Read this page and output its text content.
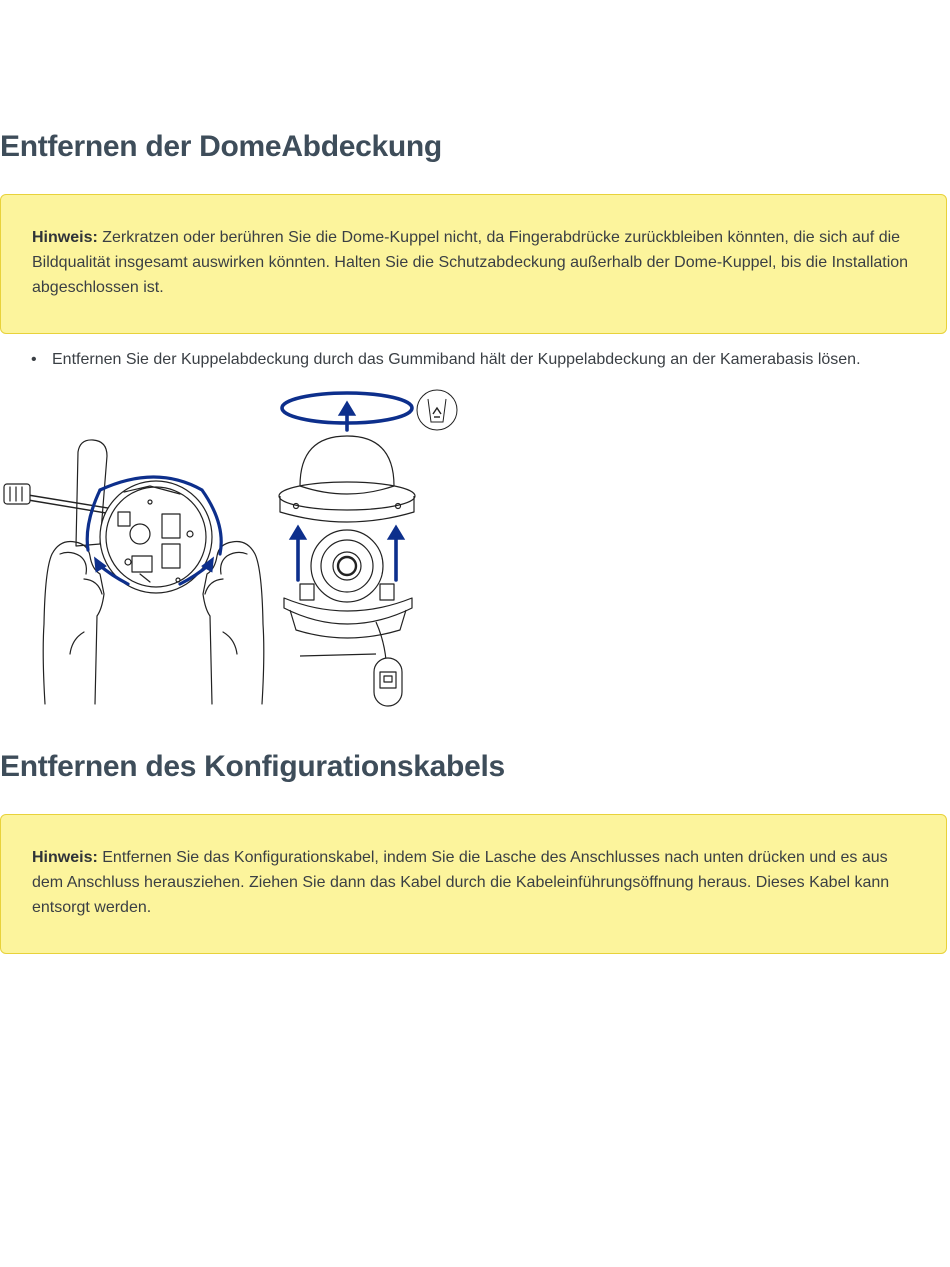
Entfernen der DomeAbdeckung
Hinweis: Zerkratzen oder berühren Sie die Dome-Kuppel nicht, da Fingerabdrücke zurückbleiben könnten, die sich auf die Bildqualität insgesamt auswirken könnten. Halten Sie die Schutzabdeckung außerhalb der Dome-Kuppel, bis die Installation abgeschlossen ist.
• Entfernen Sie der Kuppelabdeckung durch das Gummiband hält der Kuppelabdeckung an der Kamerabasis lösen.
Entfernen des Konfigurationskabels
Hinweis: Entfernen Sie das Konfigurationskabel, indem Sie die Lasche des Anschlusses nach unten drücken und es aus dem Anschluss herausziehen. Ziehen Sie dann das Kabel durch die Kabeleinführungsöffnung heraus. Dieses Kabel kann entsorgt werden.
